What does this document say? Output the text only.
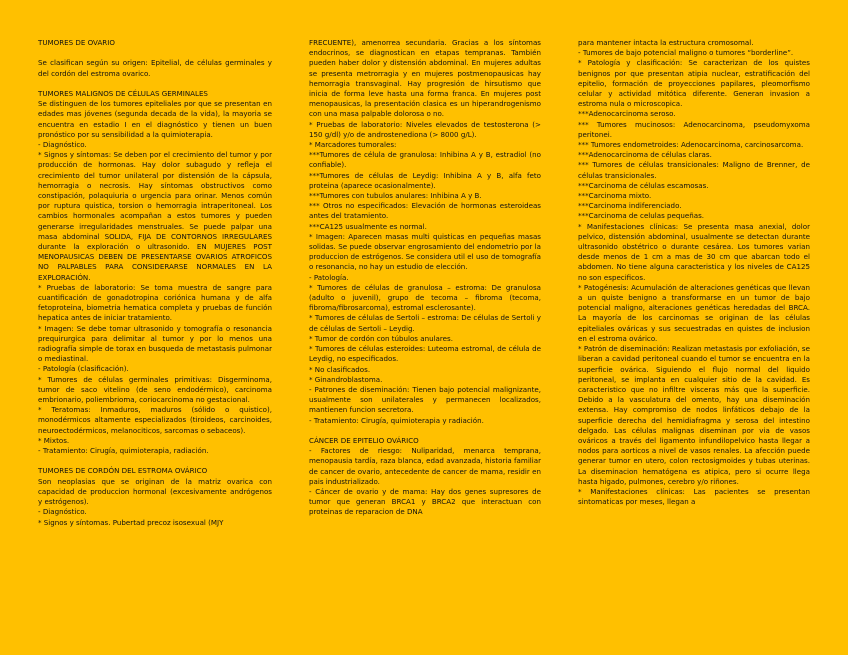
TUMORES DE OVARIO

Se clasifican según su origen: Epitelial, de células germinales y del cordón del estroma ovarico.

TUMORES MALIGNOS DE CÉLULAS GERMINALES

Se distinguen de los tumores epiteliales por que se presentan en edades mas jóvenes (segunda decada de la vida), la mayoria se encuentra en estadio I en el diagnóstico y tienen un buen pronóstico por su sensibilidad a la quimioterapia.

- Diagnóstico.

* Signos y síntomas: Se deben por el crecimiento del tumor y por producción de hormonas. Hay dolor subagudo y refleja el crecimiento del tumor unilateral por distensión de la cápsula, hemorragia o necrosis. Hay síntomas obstructivos como constipación, polaquiuria o urgencia para orinar. Menos común por ruptura quistica, torsion o hemorragia intraperitoneal. Los cambios hormonales acompañan a estos tumores y pueden generarse irregularidades menstruales. Se puede palpar una masa abdominal SOLIDA, FIJA DE CONTORNOS IRREGULARES durante la exploración o ultrasonido. EN MUJERES POST MENOPAUSICAS DEBEN DE PRESENTARSE OVARIOS ATROFICOS NO PALPABLES PARA CONSIDERARSE NORMALES EN LA EXPLORACIÓN.

* Pruebas de laboratorio: Se toma muestra de sangre para cuantificación de gonadotropina coriónica humana y de alfa fetoproteina, biometria hematica completa y pruebas de función hepatica antes de iniciar tratamiento.

* Imagen: Se debe tomar ultrasonido y tomografía o resonancia prequirurgica para delimitar al tumor y por lo menos una radiografía simple de torax en busqueda de metastasis pulmonar o mediastinal.

- Patología (clasificación).

* Tumores de células germinales primitivas: Disgerminoma, tumor de saco vitelino (de seno endodérmico), carcinoma embrionario, poliembrioma, coriocarcinoma no gestacional.

* Teratomas: Inmaduros, maduros (sólido o quistico), monodérmicos altamente especializados (tiroideos, carcinoides, neuroectodérmicos, melanociticos, sarcomas o sebaceos).

* Mixtos.

- Tratamiento: Cirugía, quimioterapia, radiación.

TUMORES DE CORDÓN DEL ESTROMA OVÁRICO

Son neoplasias que se originan de la matriz ovarica con capacidad de produccion hormonal (excesivamente andrógenos y estrógenos).

- Diagnóstico.

* Signos y síntomas. Pubertad precoz isosexual (MJY

FRECUENTE), amenorrea secundaria. Gracias a los síntomas endocrinos, se diagnostican en etapas tempranas. También pueden haber dolor y distensión abdominal. En mujeres adultas se presenta metrorragia y en mujeres postmenopausicas hay hemorragia transvaginal. Hay progresión de hirsutismo que inicia de forma leve hasta una forma franca. En mujeres post menopausicas, la presentación clasica es un hiperandrogenismo con una masa palpable dolorosa o no.

* Pruebas de laboratorio: Niveles elevados de testosterona (> 150 g/dl) y/o de androstenediona (> 8000 g/L).

* Marcadores tumorales:

***Tumores de célula de granulosa: Inhibina A y B, estradiol (no confiable).

***Tumores de células de Leydig: Inhibina A y B, alfa feto proteina (aparece ocasionalmente).

***Tumores con tubulos anulares: Inhibina A y B.

*** Otros no especificados: Elevación de hormonas esteroideas antes del tratamiento.

***CA125 usualmente es normal.

* Imagen: Aparecen masas multi quisticas en pequeñas masas solidas. Se puede observar engrosamiento del endometrio por la produccion de estrógenos. Se considera util el uso de tomografía o resonancia, no hay un estudio de elección.

- Patología.

* Tumores de células de granulosa – estroma: De granulosa (adulto o juvenil), grupo de tecoma – fibroma (tecoma, fibroma/fibrosarcoma), estromal esclerosante).

* Tumores de células de Sertoli – estroma: De células de Sertoli y de células de Sertoli – Leydig.

* Tumor de cordón con túbulos anulares.

* Tumores de células esteroides: Luteoma estromal, de célula de Leydig, no especificados.

* No clasificados.

* Ginandroblastoma.

- Patrones de diseminación: Tienen bajo potencial malignizante, usualmente son unilaterales y permanecen localizados, mantienen funcion secretora.

- Tratamiento: Cirugía, quimioterapia y radiación.

CÁNCER DE EPITELIO OVÁRICO

- Factores de riesgo: Nuliparidad, menarca temprana, menopausia tardía, raza blanca, edad avanzada, historia familiar de cancer de ovario, antecedente de cancer de mama, residir en pais industrializado.

- Cáncer de ovario y de mama: Hay dos genes supresores de tumor que generan BRCA1 y BRCA2 que interactuan con proteinas de reparacion de DNA

para mantener intacta la estructura cromosomal.

- Tumores de bajo potencial maligno o tumores “borderline”.

* Patología y clasificación: Se caracterizan de los quistes benignos por que presentan atipia nuclear, estratificación del epitelio, formación de proyecciones papilares, pleomorfismo celular y actividad mitótica diferente. Generan invasion a estroma nula o microscopica.

***Adenocarcinoma seroso.

*** Tumores mucinosos: Adenocarcinoma, pseudomyxoma peritonei.

*** Tumores endometroides: Adenocarcinoma, carcinosarcoma.

***Adenocarcinoma de células claras.

*** Tumores de células transicionales: Maligno de Brenner, de células transicionales.

***Carcinoma de células escamosas.

***Carcinoma mixto.

***Carcinoma indiferenciado.

***Carcinoma de celulas pequeñas.

* Manifestaciones clínicas: Se presenta masa anexial, dolor pelvico, distensión abdominal, usualmente se detectan durante ultrasonido obstétrico o durante cesárea. Los tumores varian desde menos de 1 cm a mas de 30 cm que abarcan todo el abdomen. No tiene alguna caracteristica y los niveles de CA125 no son especificos.

* Patogénesis: Acumulación de alteraciones genéticas que llevan a un quiste benigno a transformarse en un tumor de bajo potencial maligno, alteraciones genéticas heredadas del BRCA. La mayoría de los carcinomas se originan de las células epiteliales ováricas y sus secuestradas en quistes de inclusion en el estroma ovárico.

* Patrón de diseminación: Realizan metastasis por exfoliación, se liberan a cavidad peritoneal cuando el tumor se encuentra en la superficie ovárica. Siguiendo el flujo normal del liquido peritoneal, se implanta en cualquier sitio de la cavidad. Es caracteristico que no infiltre visceras más que la superficie. Debido a la vasculatura del omento, hay una diseminación extensa. Hay compromiso de nodos linfáticos debajo de la superficie derecha del hemidiafragma y serosa del intestino delgado. Las células malignas diseminan por via de vasos ováricos a través del ligamento infundilopelvico hasta llegar a nodos para aorticos a nivel de vasos renales. La afección puede generar tumor en utero, colon rectosigmoides y tubas uterinas. La diseminacion hematógena es atipica, pero si ocurre llega hasta higado, pulmones, cerebro y/o riñones.

* Manifestaciones clínicas: Las pacientes se presentan sintomaticas por meses, llegan a
